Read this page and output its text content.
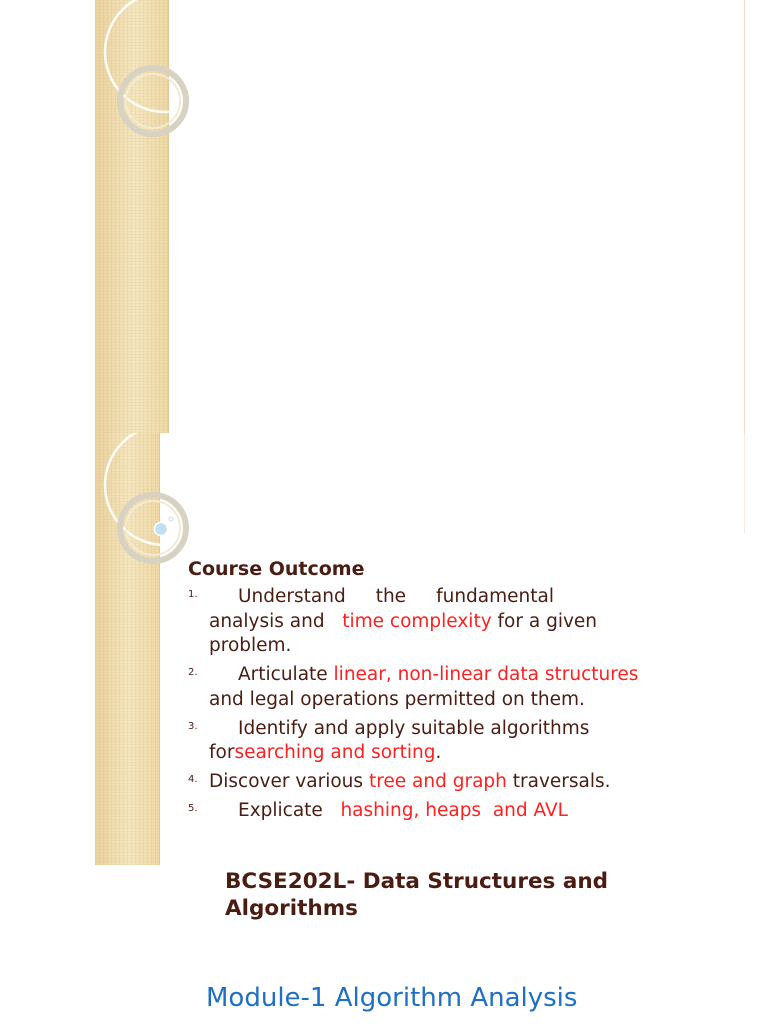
Course Outcome
1.	Understand the fundamental
analysis and   time complexity for a given problem.
2. Articulate linear, non-linear data structures and legal operations permitted on them.
3. Identify and apply suitable algorithms forsearching and sorting.
4. Discover various tree and graph traversals.
5. Explicate   hashing, heaps  and AVL
BCSE202L- Data Structures and Algorithms
Module-1 Algorithm Analysis
